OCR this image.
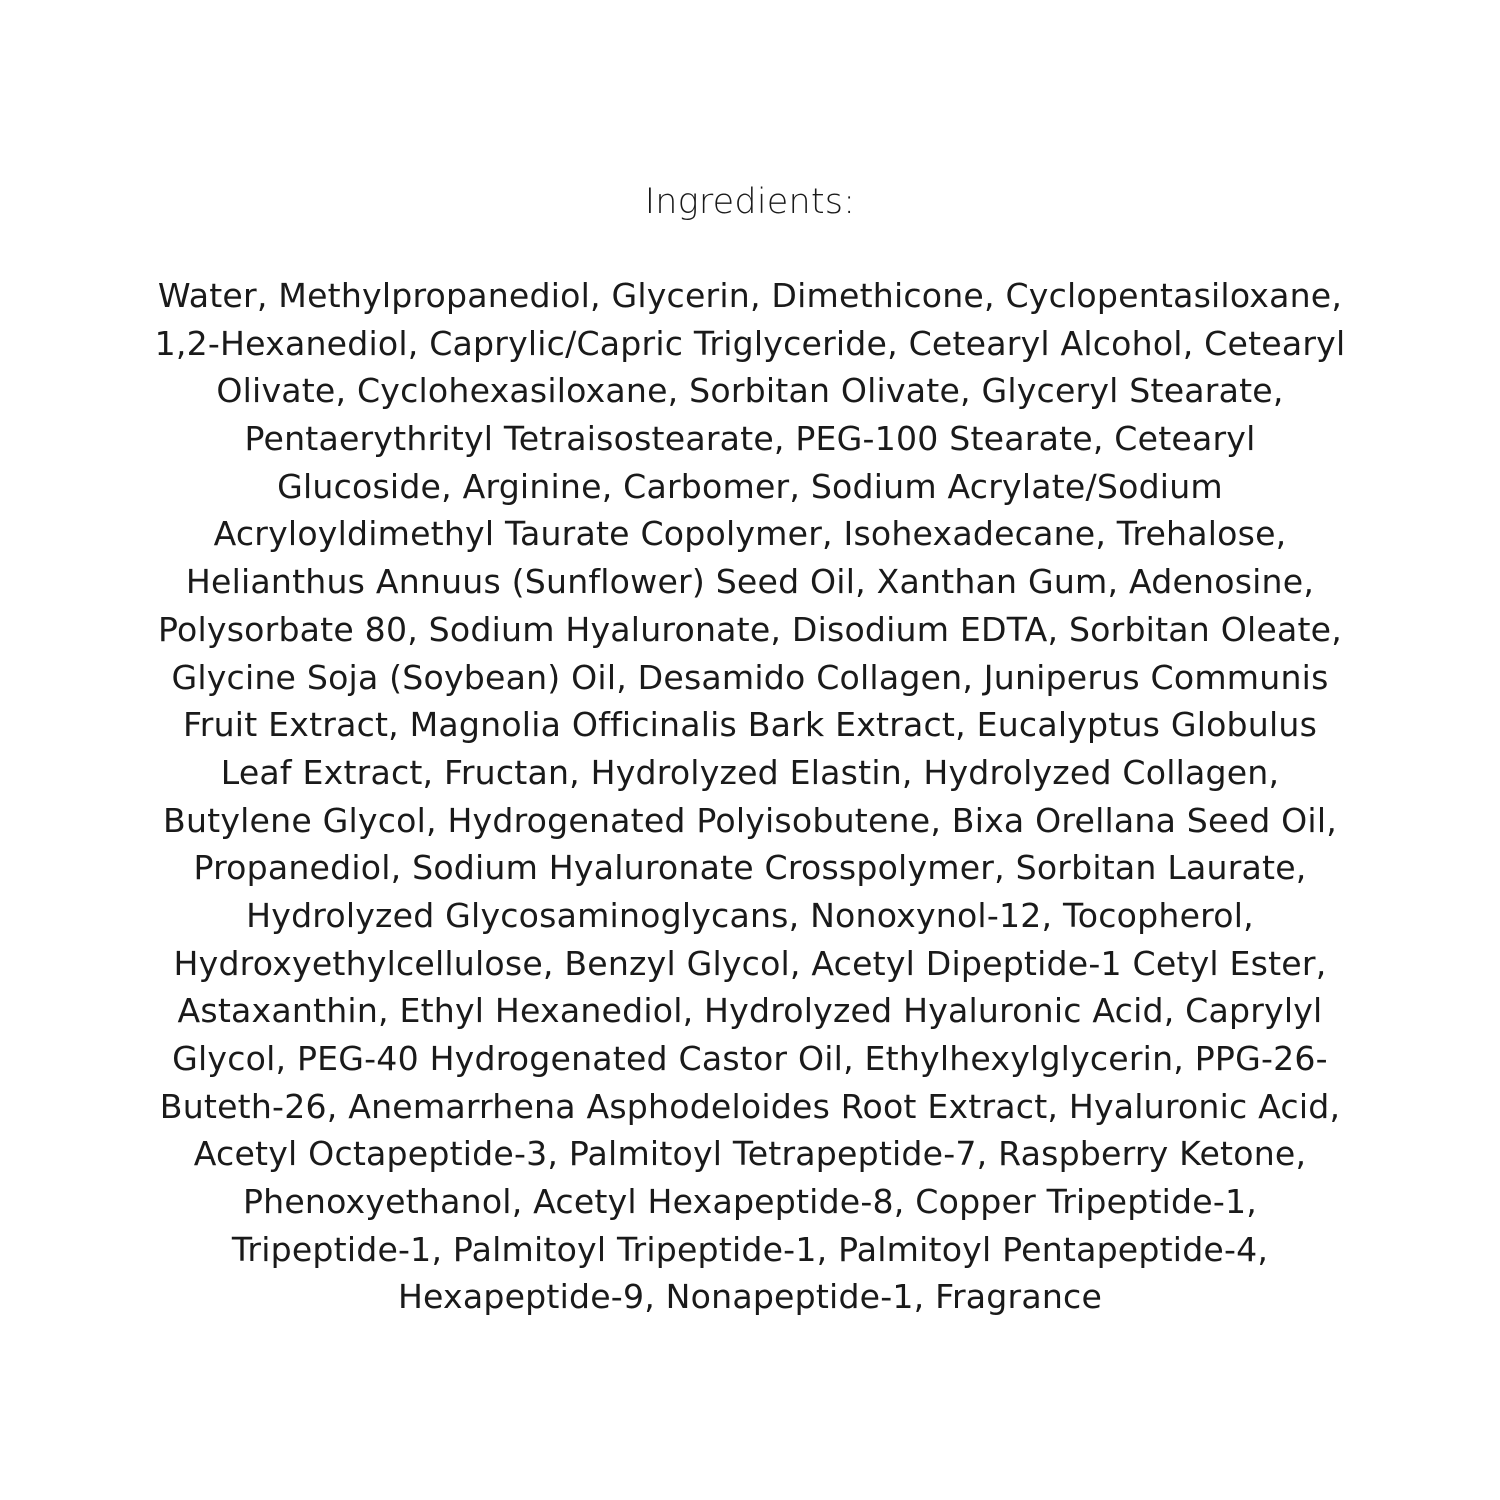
Ingredients:
Water, Methylpropanediol, Glycerin, Dimethicone, Cyclopentasiloxane,
1,2-Hexanediol, Caprylic/Capric Triglyceride, Cetearyl Alcohol, Cetearyl
Olivate, Cyclohexasiloxane, Sorbitan Olivate, Glyceryl Stearate,
Pentaerythrityl Tetraisostearate, PEG-100 Stearate, Cetearyl
Glucoside, Arginine, Carbomer, Sodium Acrylate/Sodium
Acryloyldimethyl Taurate Copolymer, Isohexadecane, Trehalose,
Helianthus Annuus (Sunflower) Seed Oil, Xanthan Gum, Adenosine,
Polysorbate 80, Sodium Hyaluronate, Disodium EDTA, Sorbitan Oleate,
Glycine Soja (Soybean) Oil, Desamido Collagen, Juniperus Communis
Fruit Extract, Magnolia Officinalis Bark Extract, Eucalyptus Globulus
Leaf Extract, Fructan, Hydrolyzed Elastin, Hydrolyzed Collagen,
Butylene Glycol, Hydrogenated Polyisobutene, Bixa Orellana Seed Oil,
Propanediol, Sodium Hyaluronate Crosspolymer, Sorbitan Laurate,
Hydrolyzed Glycosaminoglycans, Nonoxynol-12, Tocopherol,
Hydroxyethylcellulose, Benzyl Glycol, Acetyl Dipeptide-1 Cetyl Ester,
Astaxanthin, Ethyl Hexanediol, Hydrolyzed Hyaluronic Acid, Caprylyl
Glycol, PEG-40 Hydrogenated Castor Oil, Ethylhexylglycerin, PPG-26-
Buteth-26, Anemarrhena Asphodeloides Root Extract, Hyaluronic Acid,
Acetyl Octapeptide-3, Palmitoyl Tetrapeptide-7, Raspberry Ketone,
Phenoxyethanol, Acetyl Hexapeptide-8, Copper Tripeptide-1,
Tripeptide-1, Palmitoyl Tripeptide-1, Palmitoyl Pentapeptide-4,
Hexapeptide-9, Nonapeptide-1, Fragrance
